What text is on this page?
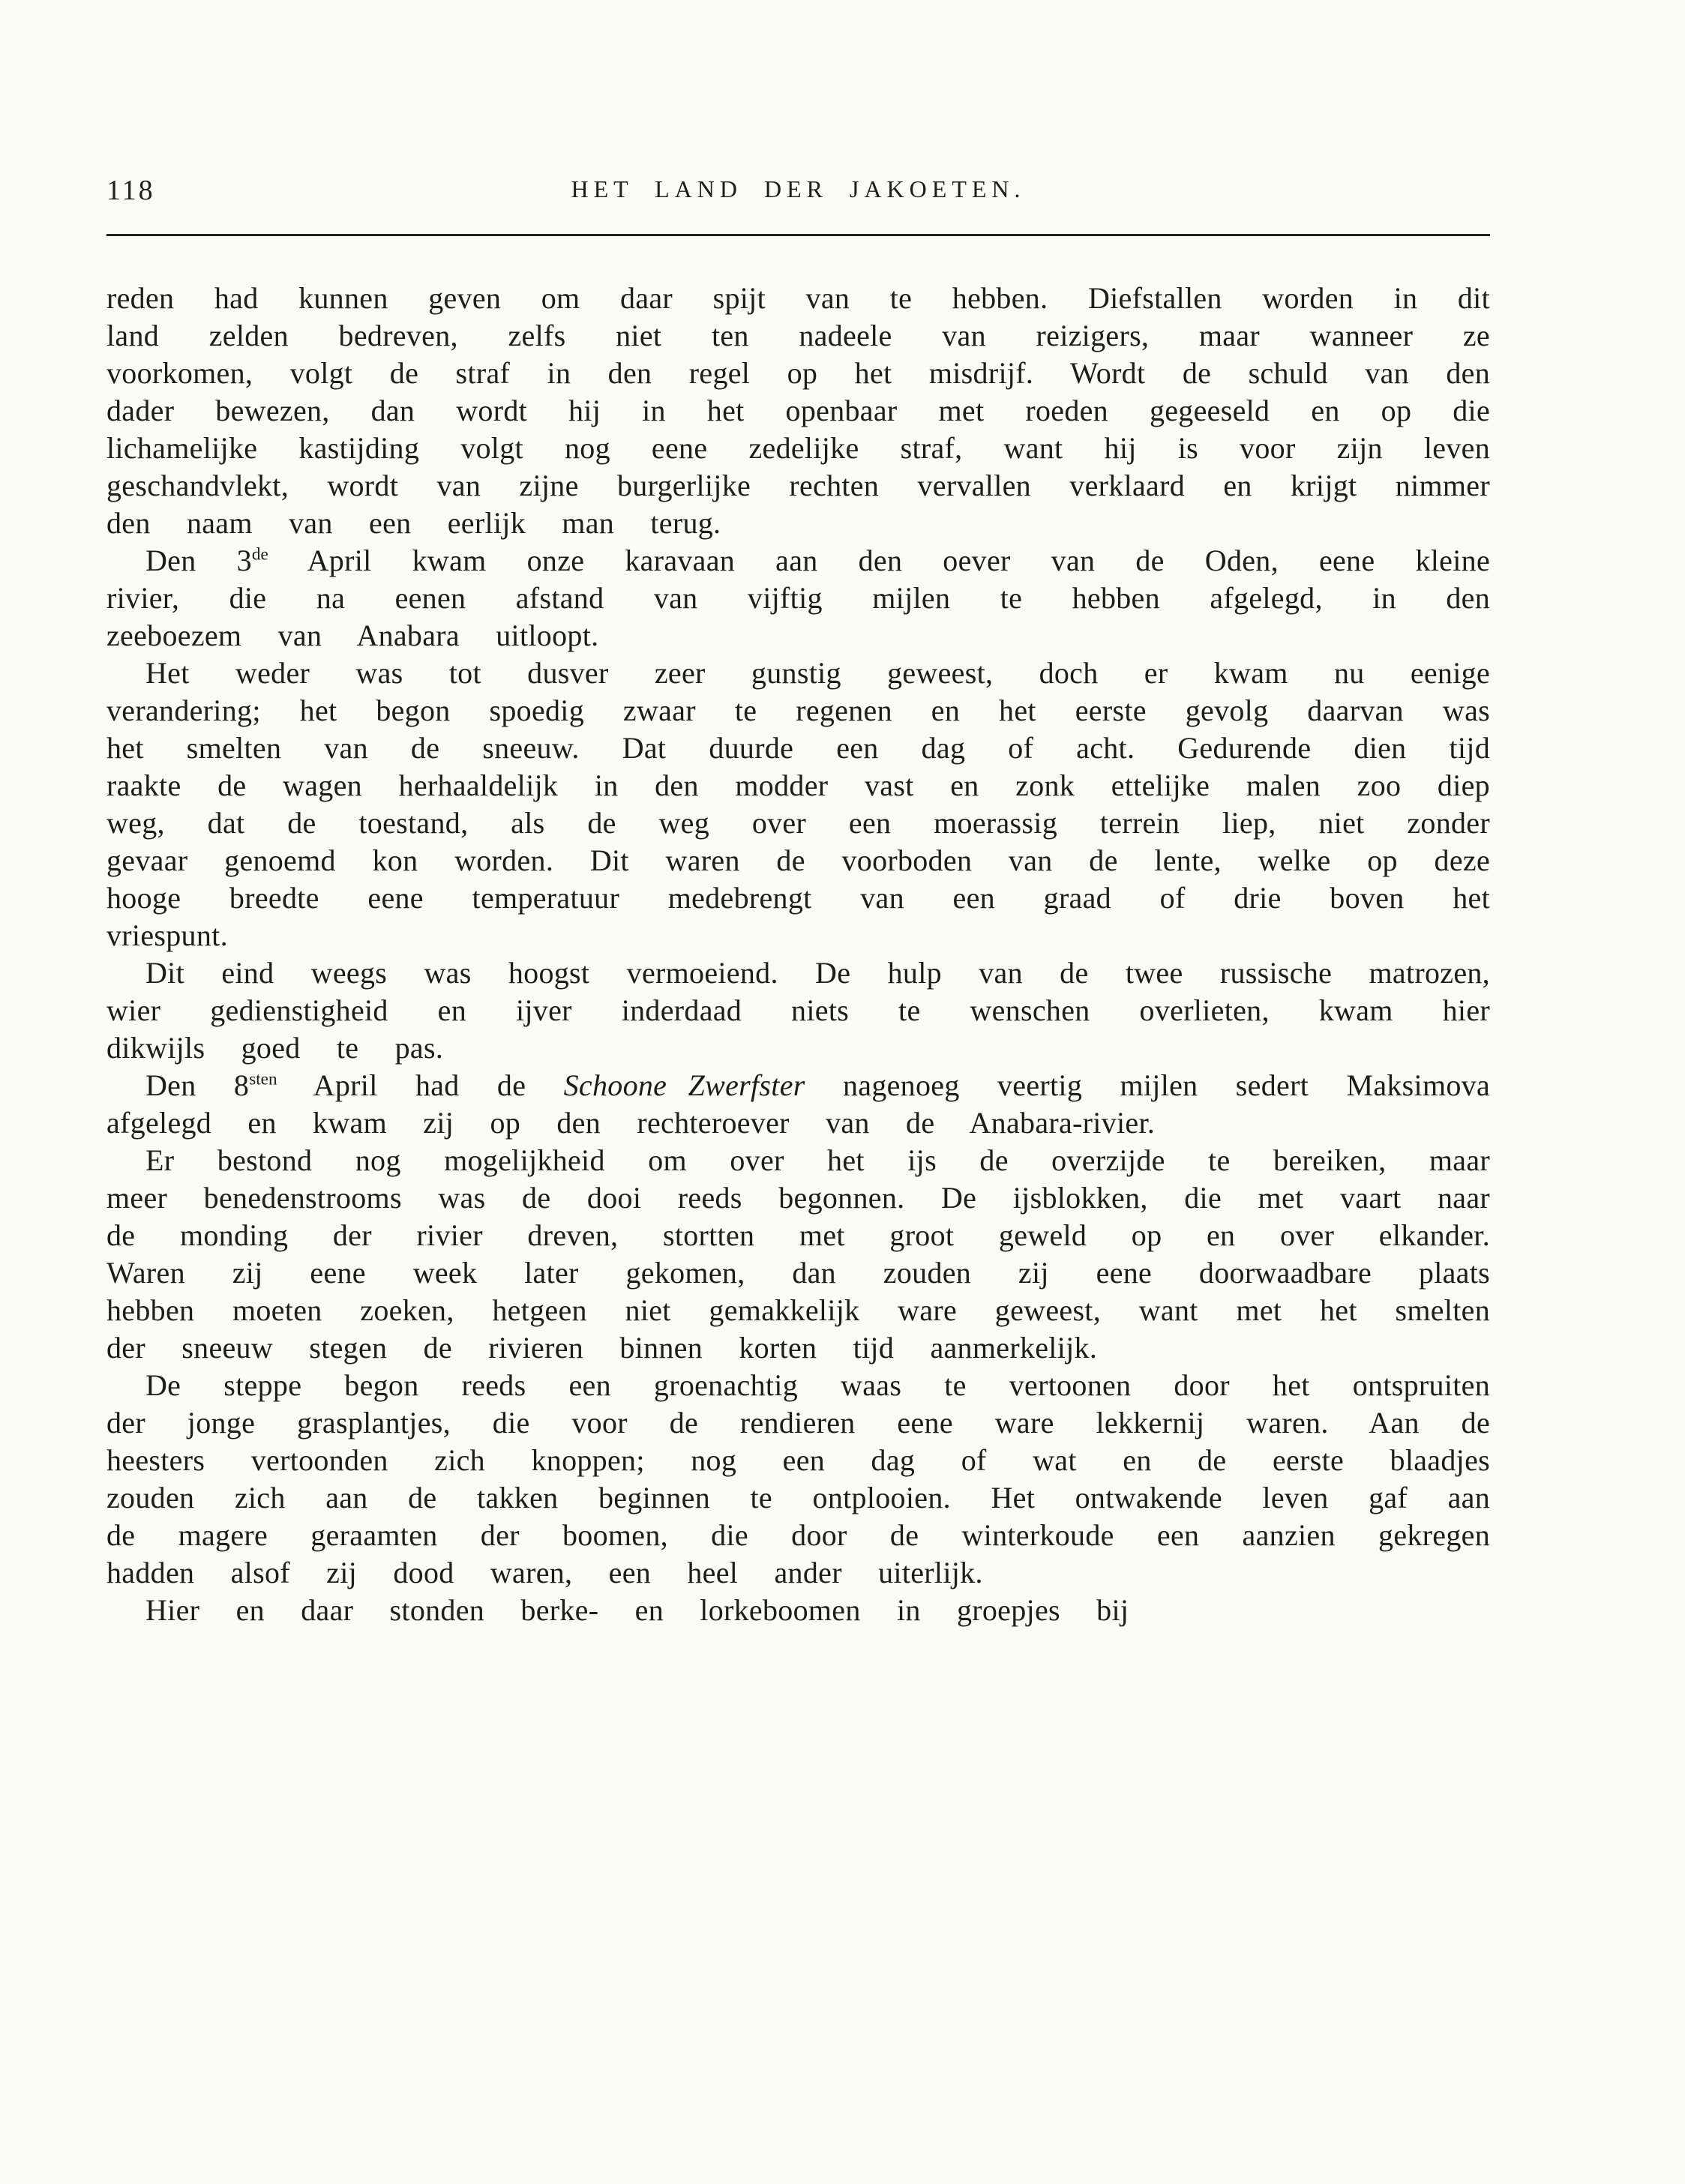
118	HET LAND DER JAKOETEN.

reden had kunnen geven om daar spijt van te hebben. Diefstallen worden in dit land zelden bedreven, zelfs niet ten nadeele van reizigers, maar wanneer ze voorkomen, volgt de straf in den regel op het misdrijf. Wordt de schuld van den dader bewezen, dan wordt hij in het openbaar met roeden gegeeseld en op die lichamelijke kastijding volgt nog eene zedelijke straf, want hij is voor zijn leven geschandvlekt, wordt van zijne burgerlijke rechten vervallen verklaard en krijgt nimmer den naam van een eerlijk man terug.

Den 3de April kwam onze karavaan aan den oever van de Oden, eene kleine rivier, die na eenen afstand van vijftig mijlen te hebben afgelegd, in den zeeboezem van Anabara uitloopt.

Het weder was tot dusver zeer gunstig geweest, doch er kwam nu eenige verandering; het begon spoedig zwaar te regenen en het eerste gevolg daarvan was het smelten van de sneeuw. Dat duurde een dag of acht. Gedurende dien tijd raakte de wagen herhaaldelijk in den modder vast en zonk ettelijke malen zoo diep weg, dat de toestand, als de weg over een moerassig terrein liep, niet zonder gevaar genoemd kon worden. Dit waren de voorboden van de lente, welke op deze hooge breedte eene temperatuur medebrengt van een graad of drie boven het vriespunt.

Dit eind weegs was hoogst vermoeiend. De hulp van de twee russische matrozen, wier gedienstigheid en ijver inderdaad niets te wenschen overlieten, kwam hier dikwijls goed te pas.

Den $8^{sten}$ April had de Schoone Zwerfster nagenoeg veertig mijlen sedert Maksimova afgelegd en kwam zij op den rechteroever van de Anabara-rivier.

Er bestond nog mogelijkheid om over het ijs de overzijde te bereiken, maar meer benedenstrooms was de dooi reeds begonnen. De ijsblokken, die met vaart naar de monding der rivier dreven, stortten met groot geweld op en over elkander. Waren zij eene week later gekomen, dan zouden zij eene doorwaadbare plaats hebben moeten zoeken, hetgeen niet gemakkelijk ware geweest, want met het smelten der sneeuw stegen de rivieren binnen korten tijd aanmerkelijk.

De steppe begon reeds een groenachtig waas te vertoonen door het ontspruiten der jonge grasplantjes, die voor de rendieren eene ware lekkernij waren. Aan de heesters vertoonden zich knoppen; nog een dag of wat en de eerste blaadjes zouden zich aan de takken beginnen te ontplooien. Het ontwakende leven gaf aan de magere geraamten der boomen, die door de winterkoude een aanzien gekregen hadden alsof zij dood waren, een heel ander uiterlijk.

Hier en daar stonden berke- en lorkeboomen in groepjes bij
